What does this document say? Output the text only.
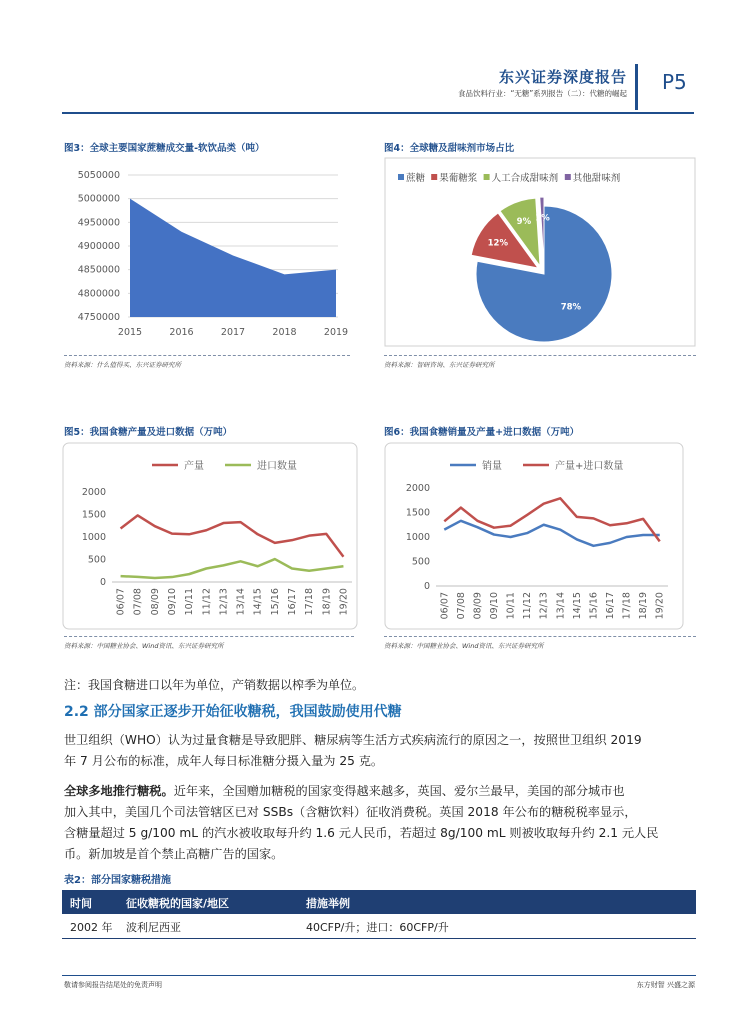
东兴证券深度报告
食品饮料行业：“无糖”系列报告（二）：代糖的崛起 P5
图3：全球主要国家蔗糖成交量-软饮品类（吨）
5050000
5000000
4950000
4900000
4850000
4800000
4750000
2015	2016	2017	2018	2019
资料来源：什么值得买、东兴证券研究所
图4：全球糖及甜味剂市场占比
蔗糖 果葡糖浆 人工合成甜味剂 其他甜味剂
78%
12%
9% 1%
资料来源：智研咨询、东兴证券研究所
图5：我国食糖产量及进口数据（万吨）
0
500
1000
1500
2000
06/07 07/08 08/09 09/10 10/11 11/12 12/13 13/14 14/15 15/16 16/17 17/18 18/19 19/20
产量	进口数量
资料来源：中国糖业协会、Wind资讯、东兴证券研究所
图6：我国食糖销量及产量+进口数据（万吨）
0
500
1000
1500
2000
06/07 07/08 08/09 09/10 10/11 11/12 12/13 13/14 14/15 15/16 16/17 17/18 18/19 19/20
销量	产量+进口数量
资料来源：中国糖业协会、Wind资讯、东兴证券研究所
注：我国食糖进口以年为单位，产销数据以榨季为单位。
2.2 部分国家正逐步开始征收糖税，我国鼓励使用代糖
世卫组织（WHO）认为过量食糖是导致肥胖、糖尿病等生活方式疾病流行的原因之一，按照世卫组织 2019
年 7 月公布的标准，成年人每日标准糖分摄入量为 25 克。
全球多地推行糖税。近年来，全国赠加糖税的国家变得越来越多，英国、爱尔兰最早，美国的部分城市也
加入其中，美国几个司法管辖区已对 SSBs（含糖饮料）征收消费税。英国 2018 年公布的糖税税率显示，
含糖量超过 5 g/100 mL 的汽水被收取每升约 1.6 元人民币，若超过 8g/100 mL 则被收取每升约 2.1 元人民
币。新加坡是首个禁止高糖广告的国家。
表2：部分国家糖税措施
时间	征收糖税的国家/地区	措施举例
2002 年 波利尼西亚	40CFP/升；进口：60CFP/升
敬请参阅报告结尾处的免责声明	东方财智 兴盛之源
